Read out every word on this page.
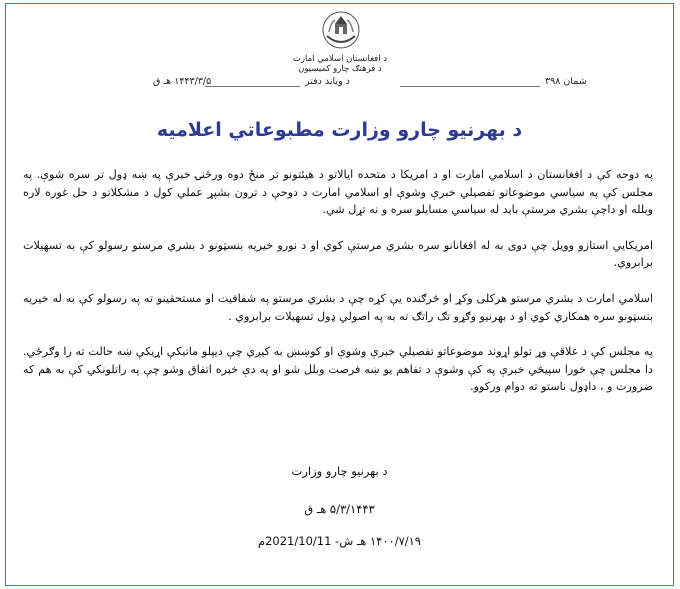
د افغانستان اسلامي امارت
د فرهنګ چارو کمیسیون
شمان ۳۹۸
د ویاند دفتر
۱۴۴۳/۳/۵ هـ ق
د بهرنیو چارو وزارت مطبوعاتي اعلامیه

په دوحه کې د افغانستان د اسلامي امارت او د امریکا د متحده ایالاتو د هیئتونو تر منځ دوه ورځنۍ خبرې په ښه ډول تر سره شوې. په مجلس کې په سیاسي موضوعاتو تفصیلي خبرې وشوې او اسلامي امارت د دوحې د ترون بشپړ عملي کول د مشکلاتو د حل غوره لاره وبلله او داچې بشري مرستې باید له سیاسي مسایلو سره و نه تړل شي.

امریکايي استازو وویل چې دوی به له افغانانو سره بشري مرستې کوي او د نورو خیریه بنسټونو د بشري مرستو رسولو کې به تسهیلات برابروي.

اسلامي امارت د بشري مرستو هرکلی وکړ او څرګنده یې کړه چې د بشري مرستو په شفافیت او مستحقینو ته په رسولو کې به له خیریه بنسټونو سره همکاري کوي او د بهرنیو وګړو تګ راتګ ته به په اصولي ډول تسهیلات برابروي .

په مجلس کې د علاقې وړ تولو اړوند موضوعاتو تفصیلي خبرې وشوې او کوښښ به کیږي چې دیپلو ماتیکې اړیکې ښه حالت ته را وګرځي. دا مجلس چې خورا سپیڅي خبرې په کې وشوې د تفاهم یو ښه فرصت وبلل شو او په دې خبره اتفاق وشو چې په راتلونکي کې به هم که ضرورت و ، داډول ناستو ته دوام ورکوو.

د بهرنیو چارو وزارت
۵/۳/۱۴۴۳ هـ ق
۱۴۰۰/۷/۱۹ هـ ش- 2021/10/11م
